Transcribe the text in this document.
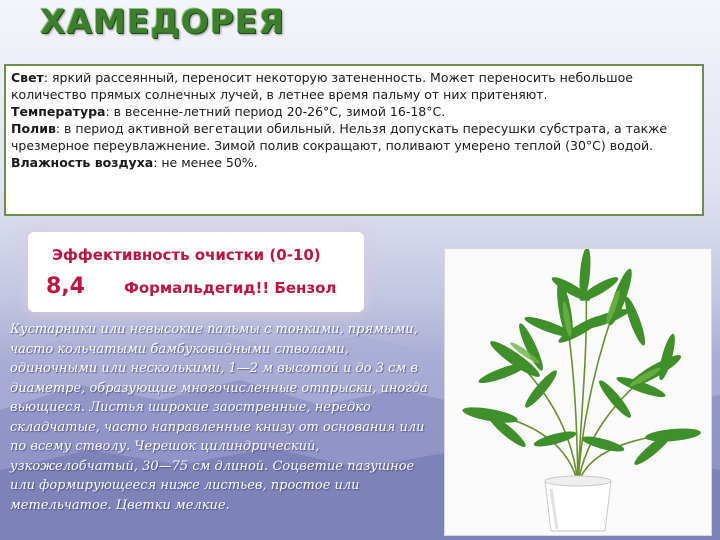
ХАМЕДОРЕЯ

Свет: яркий рассеянный, переносит некоторую затененность. Может переносить небольшое количество прямых солнечных лучей, в летнее время пальму от них притеняют.

Температура: в весенне-летний период 20-26°С, зимой 16-18°С.

Полив: в период активной вегетации обильный. Нельзя допускать пересушки субстрата, а также чрезмерное переувлажнение. Зимой полив сокращают, поливают умерено теплой (30°С) водой.

Влажность воздуха: не менее 50%.

Эффективность очистки (0-10)
8,4	Формальдегид!! Бензол

Кустарники или невысокие пальмы с тонкими, прямыми, часто кольчатыми бамбуковидными стволами, одиночными или несколькими, 1—2 м высотой и до 3 см в диаметре, образующие многочисленные отпрыски, иногда вьющиеся. Листья широкие заостренные, нередко складчатые, часто направленные книзу от основания или по всему стволу. Черешок цилиндрический, узкожелобчатый, 30—75 см длиной. Соцветие пазушное или формирующееся ниже листьев, простое или метельчатое. Цветки мелкие.
